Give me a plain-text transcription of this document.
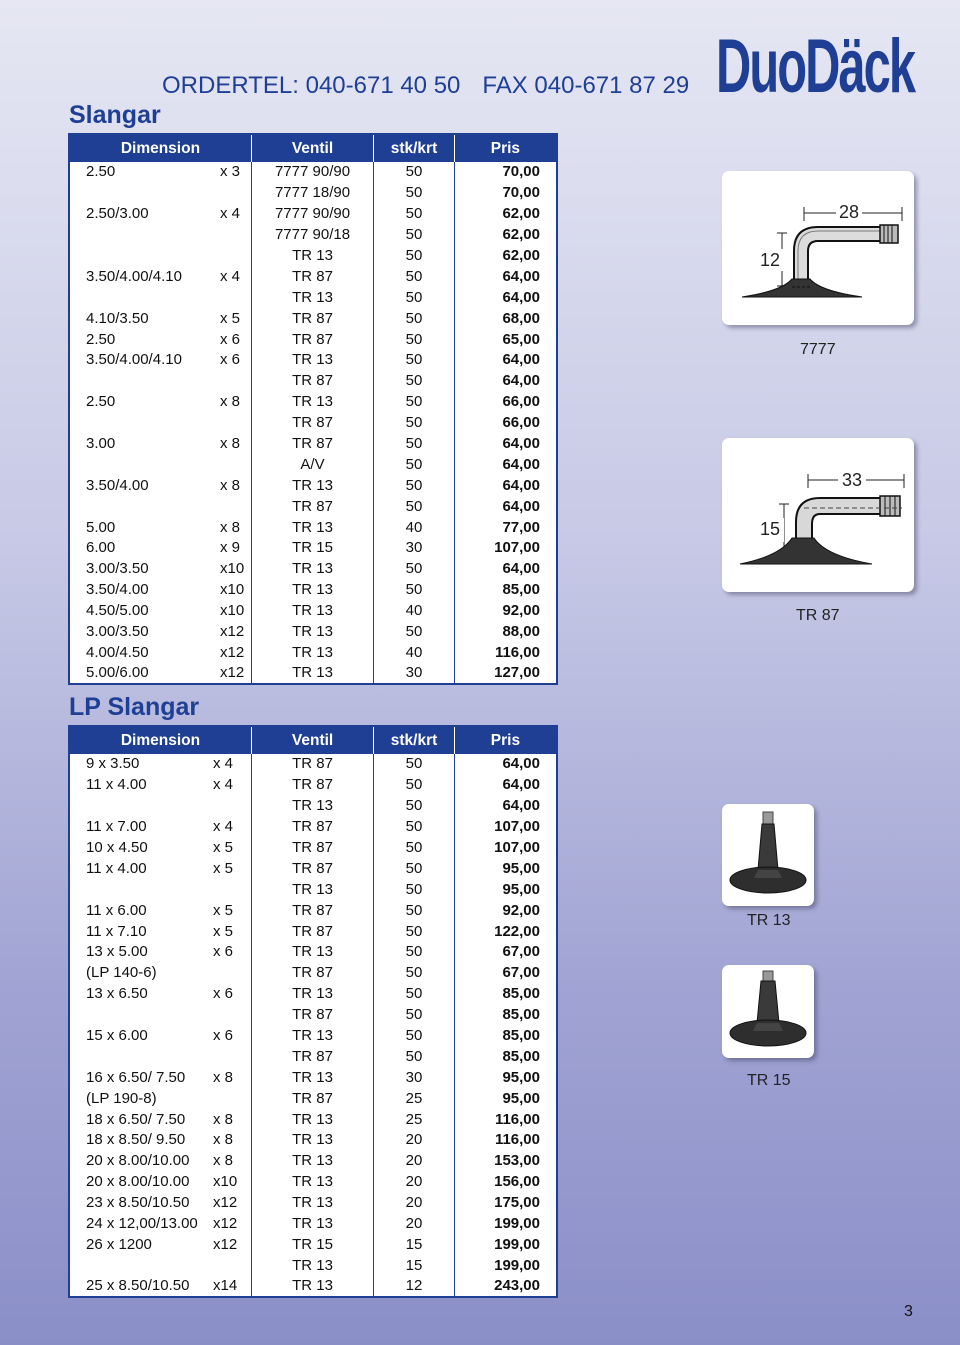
ORDERTEL: 040-671 40 50 FAX 040-671 87 29 DuoDäck
Slangar
Dimension	Ventil	stk/krt	Pris

2.50 x 3	7777 90/90	50	70,00

	7777 18/90	50	70,00

2.50/3.00 x 4	7777 90/90	50	62,00

	7777 90/18	50	62,00

	TR 13	50	62,00

3.50/4.00/4.10 x 4	TR 87	50	64,00

	TR 13	50	64,00

4.10/3.50 x 5	TR 87	50	68,00

2.50 x 6	TR 87	50	65,00

3.50/4.00/4.10 x 6	TR 13	50	64,00

	TR 87	50	64,00

2.50 x 8	TR 13	50	66,00

	TR 87	50	66,00

3.00 x 8	TR 87	50	64,00

	A/V	50	64,00

3.50/4.00 x 8	TR 13	50	64,00

	TR 87	50	64,00

5.00 x 8	TR 13	40	77,00

6.00 x 9	TR 15	30	107,00

3.00/3.50 x10	TR 13	50	64,00

3.50/4.00 x10	TR 13	50	85,00

4.50/5.00 x10	TR 13	40	92,00

3.00/3.50 x12	TR 13	50	88,00

4.00/4.50 x12	TR 13	40	116,00

5.00/6.00 x12	TR 13	30	127,00
LP Slangar
Dimension	Ventil	stk/krt	Pris

9 x 3.50 x 4	TR 87	50	64,00

11 x 4.00 x 4	TR 87	50	64,00

	TR 13	50	64,00

11 x 7.00 x 4	TR 87	50	107,00

10 x 4.50 x 5	TR 87	50	107,00

11 x 4.00 x 5	TR 87	50	95,00

	TR 13	50	95,00

11 x 6.00 x 5	TR 87	50	92,00

11 x 7.10 x 5	TR 87	50	122,00

13 x 5.00 x 6	TR 13	50	67,00

(LP 140-6)	TR 87	50	67,00

13 x 6.50 x 6	TR 13	50	85,00

	TR 87	50	85,00

15 x 6.00 x 6	TR 13	50	85,00

	TR 87	50	85,00

16 x 6.50/ 7.50 x 8	TR 13	30	95,00

(LP 190-8)	TR 87	25	95,00

18 x 6.50/ 7.50 x 8	TR 13	25	116,00

18 x 8.50/ 9.50 x 8	TR 13	20	116,00

20 x 8.00/10.00 x 8	TR 13	20	153,00

20 x 8.00/10.00 x10	TR 13	20	156,00

23 x 8.50/10.50 x12	TR 13	20	175,00

24 x 12,00/13.00 x12	TR 13	20	199,00

26 x 1200 x12	TR 15	15	199,00

	TR 13	15	199,00

25 x 8.50/10.50 x14	TR 13	12	243,00
28
12
7777
33
15
TR 87
TR 13
TR 15
3
